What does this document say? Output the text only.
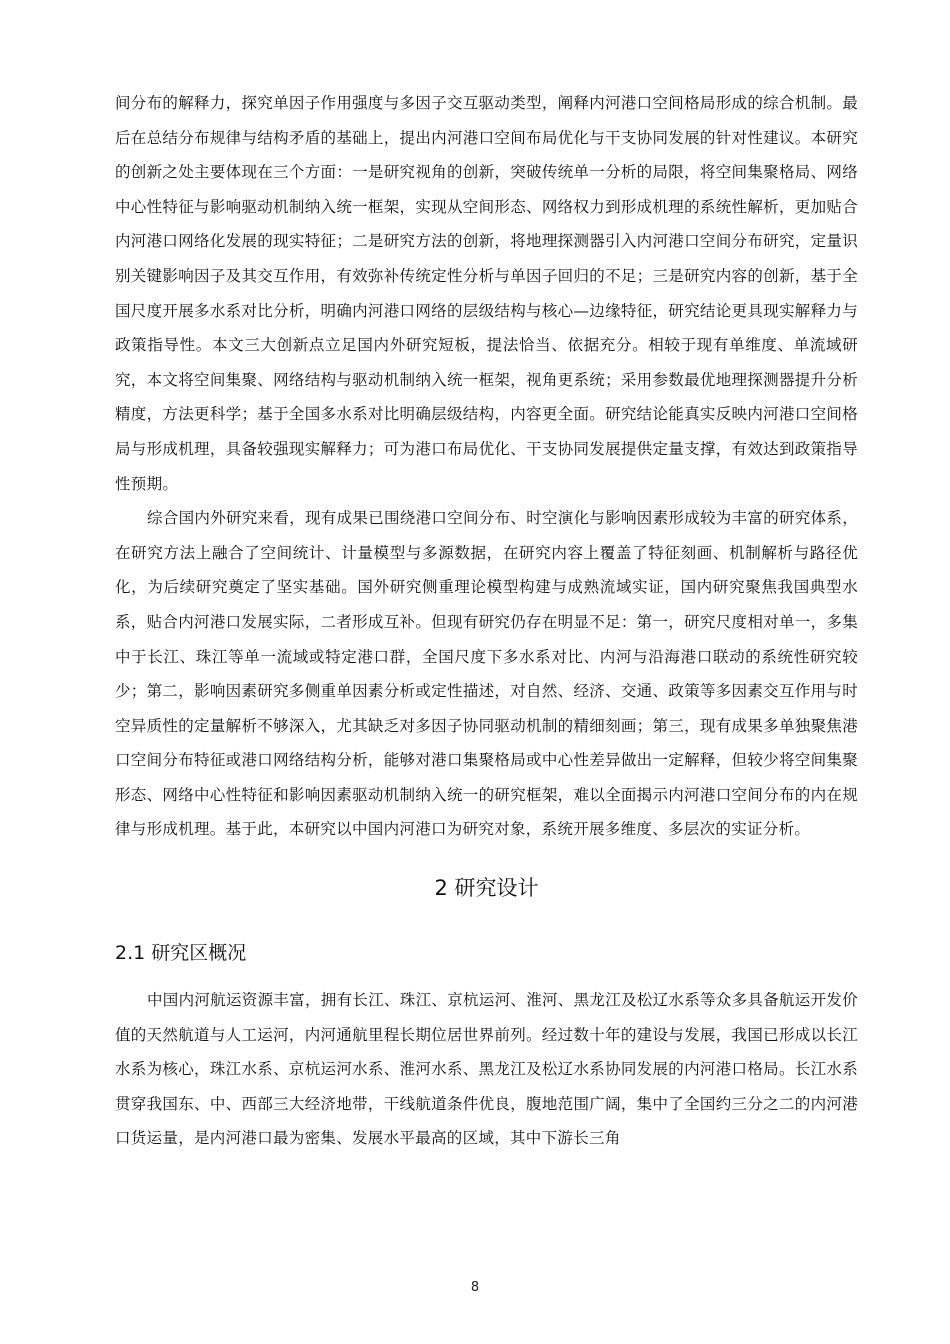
间分布的解释力，探究单因子作用强度与多因子交互驱动类型，阐释内河港口空间格局形成的综合机制。最后在总结分布规律与结构矛盾的基础上，提出内河港口空间布局优化与干支协同发展的针对性建议。本研究的创新之处主要体现在三个方面：一是研究视角的创新，突破传统单一分析的局限，将空间集聚格局、网络中心性特征与影响驱动机制纳入统一框架，实现从空间形态、网络权力到形成机理的系统性解析，更加贴合内河港口网络化发展的现实特征；二是研究方法的创新，将地理探测器引入内河港口空间分布研究，定量识别关键影响因子及其交互作用，有效弥补传统定性分析与单因子回归的不足；三是研究内容的创新，基于全国尺度开展多水系对比分析，明确内河港口网络的层级结构与核心—边缘特征，研究结论更具现实解释力与政策指导性。本文三大创新点立足国内外研究短板，提法恰当、依据充分。相较于现有单维度、单流域研究，本文将空间集聚、网络结构与驱动机制纳入统一框架，视角更系统；采用参数最优地理探测器提升分析精度，方法更科学；基于全国多水系对比明确层级结构，内容更全面。研究结论能真实反映内河港口空间格局与形成机理，具备较强现实解释力；可为港口布局优化、干支协同发展提供定量支撑，有效达到政策指导性预期。

综合国内外研究来看，现有成果已围绕港口空间分布、时空演化与影响因素形成较为丰富的研究体系，在研究方法上融合了空间统计、计量模型与多源数据，在研究内容上覆盖了特征刻画、机制解析与路径优化，为后续研究奠定了坚实基础。国外研究侧重理论模型构建与成熟流域实证，国内研究聚焦我国典型水系，贴合内河港口发展实际，二者形成互补。但现有研究仍存在明显不足：第一，研究尺度相对单一，多集中于长江、珠江等单一流域或特定港口群，全国尺度下多水系对比、内河与沿海港口联动的系统性研究较少；第二，影响因素研究多侧重单因素分析或定性描述，对自然、经济、交通、政策等多因素交互作用与时空异质性的定量解析不够深入，尤其缺乏对多因子协同驱动机制的精细刻画；第三，现有成果多单独聚焦港口空间分布特征或港口网络结构分析，能够对港口集聚格局或中心性差异做出一定解释，但较少将空间集聚形态、网络中心性特征和影响因素驱动机制纳入统一的研究框架，难以全面揭示内河港口空间分布的内在规律与形成机理。基于此，本研究以中国内河港口为研究对象，系统开展多维度、多层次的实证分析。

2 研究设计
2.1 研究区概况

中国内河航运资源丰富，拥有长江、珠江、京杭运河、淮河、黑龙江及松辽水系等众多具备航运开发价值的天然航道与人工运河，内河通航里程长期位居世界前列。经过数十年的建设与发展，我国已形成以长江水系为核心，珠江水系、京杭运河水系、淮河水系、黑龙江及松辽水系协同发展的内河港口格局。长江水系贯穿我国东、中、西部三大经济地带，干线航道条件优良，腹地范围广阔，集中了全国约三分之二的内河港口货运量，是内河港口最为密集、发展水平最高的区域，其中下游长三角

8
